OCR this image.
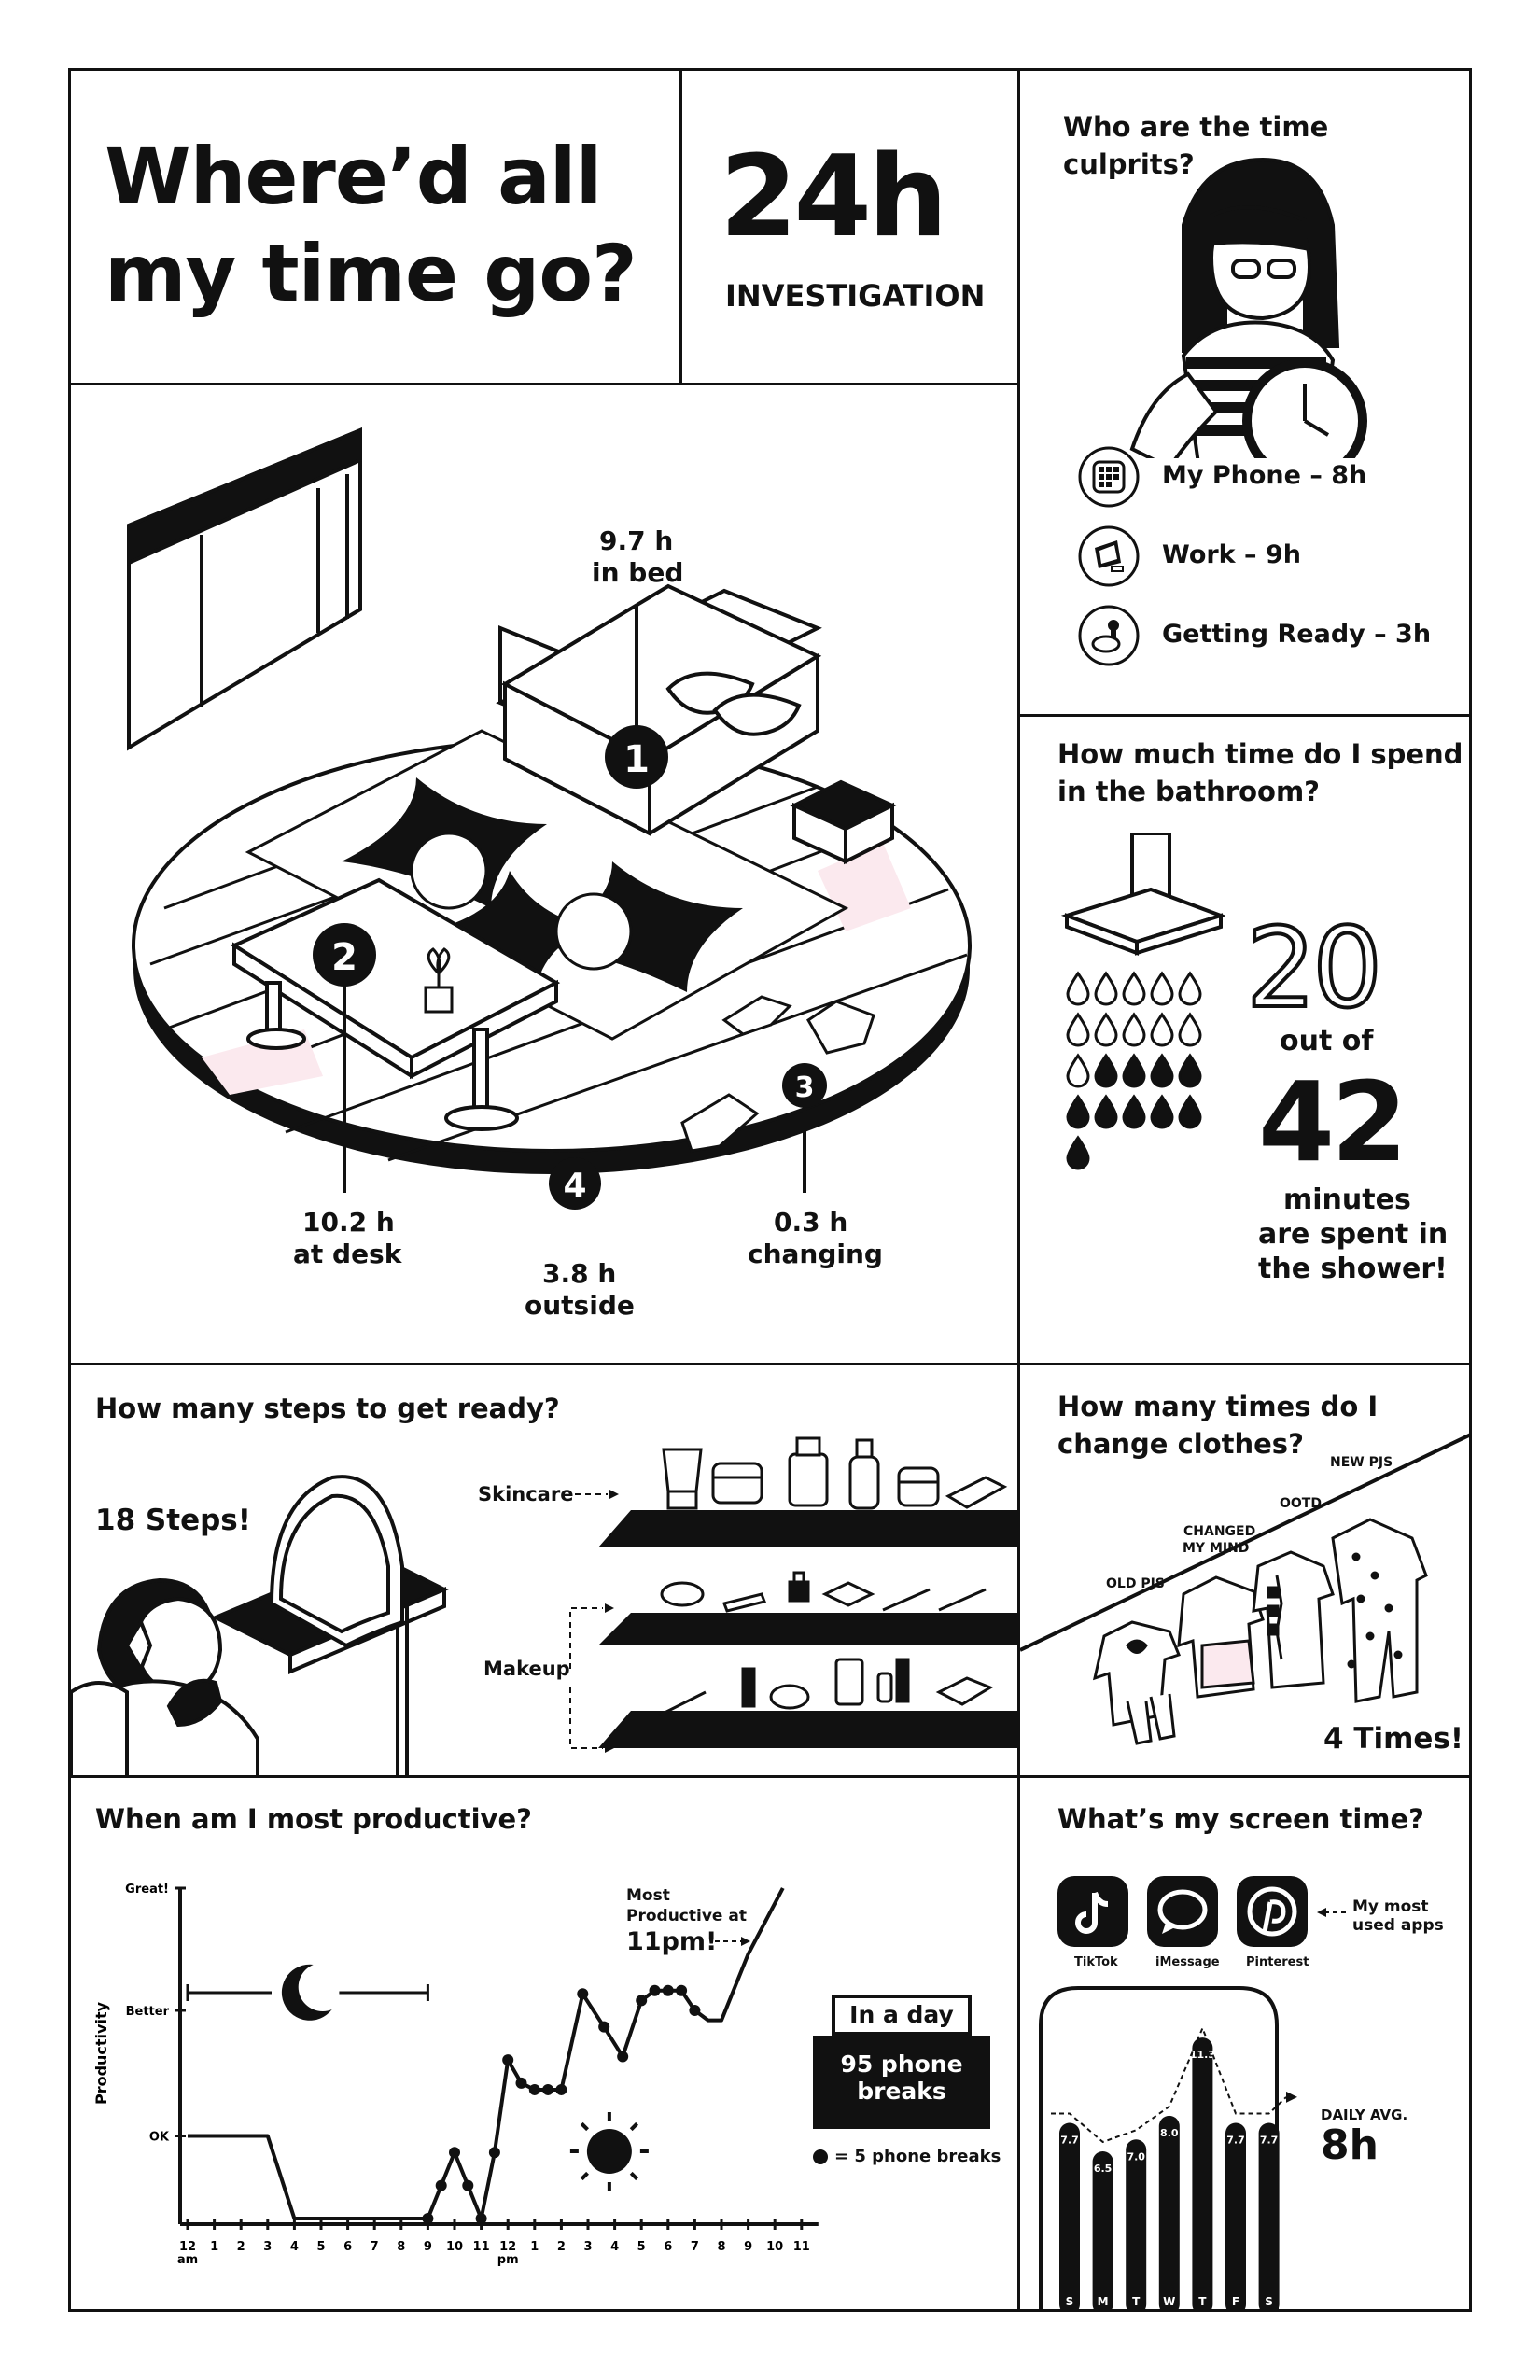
Where’d all
my time go?
24h
INVESTIGATION
1
2
3
4
9.7 h
in bed
10.2 h
at desk
0.3 h
changing
3.8 h
outside
Who are the time culprits?
My Phone – 8h
Work – 9h
Getting Ready – 3h
How much time do I spend
in the bathroom?
20
out of
42
minutes
are spent in
the shower!
How many steps to get ready?
18 Steps!
Skincare
Makeup
How many times do I
change clothes?
NEW PJS
OOTD
CHANGED
MY MIND
OLD PJS
4 Times!
When am I most productive?
OK
Better
Great!
Productivity
12
am
1 2 3 4 5 6 7 8 9 10 11 12
pm
1 2 3 4 5 6 7 8 9 10 11
Most
Productive at
11pm!
In a day
95 phone
breaks
= 5 phone breaks
What’s my screen time?
TikTok	iMessage Pinterest
My most
used apps
7.7
S
6.5
M
7.0
T
8.0
W
11.3
T
7.7
F
7.7
S
DAILY AVG.
8h
